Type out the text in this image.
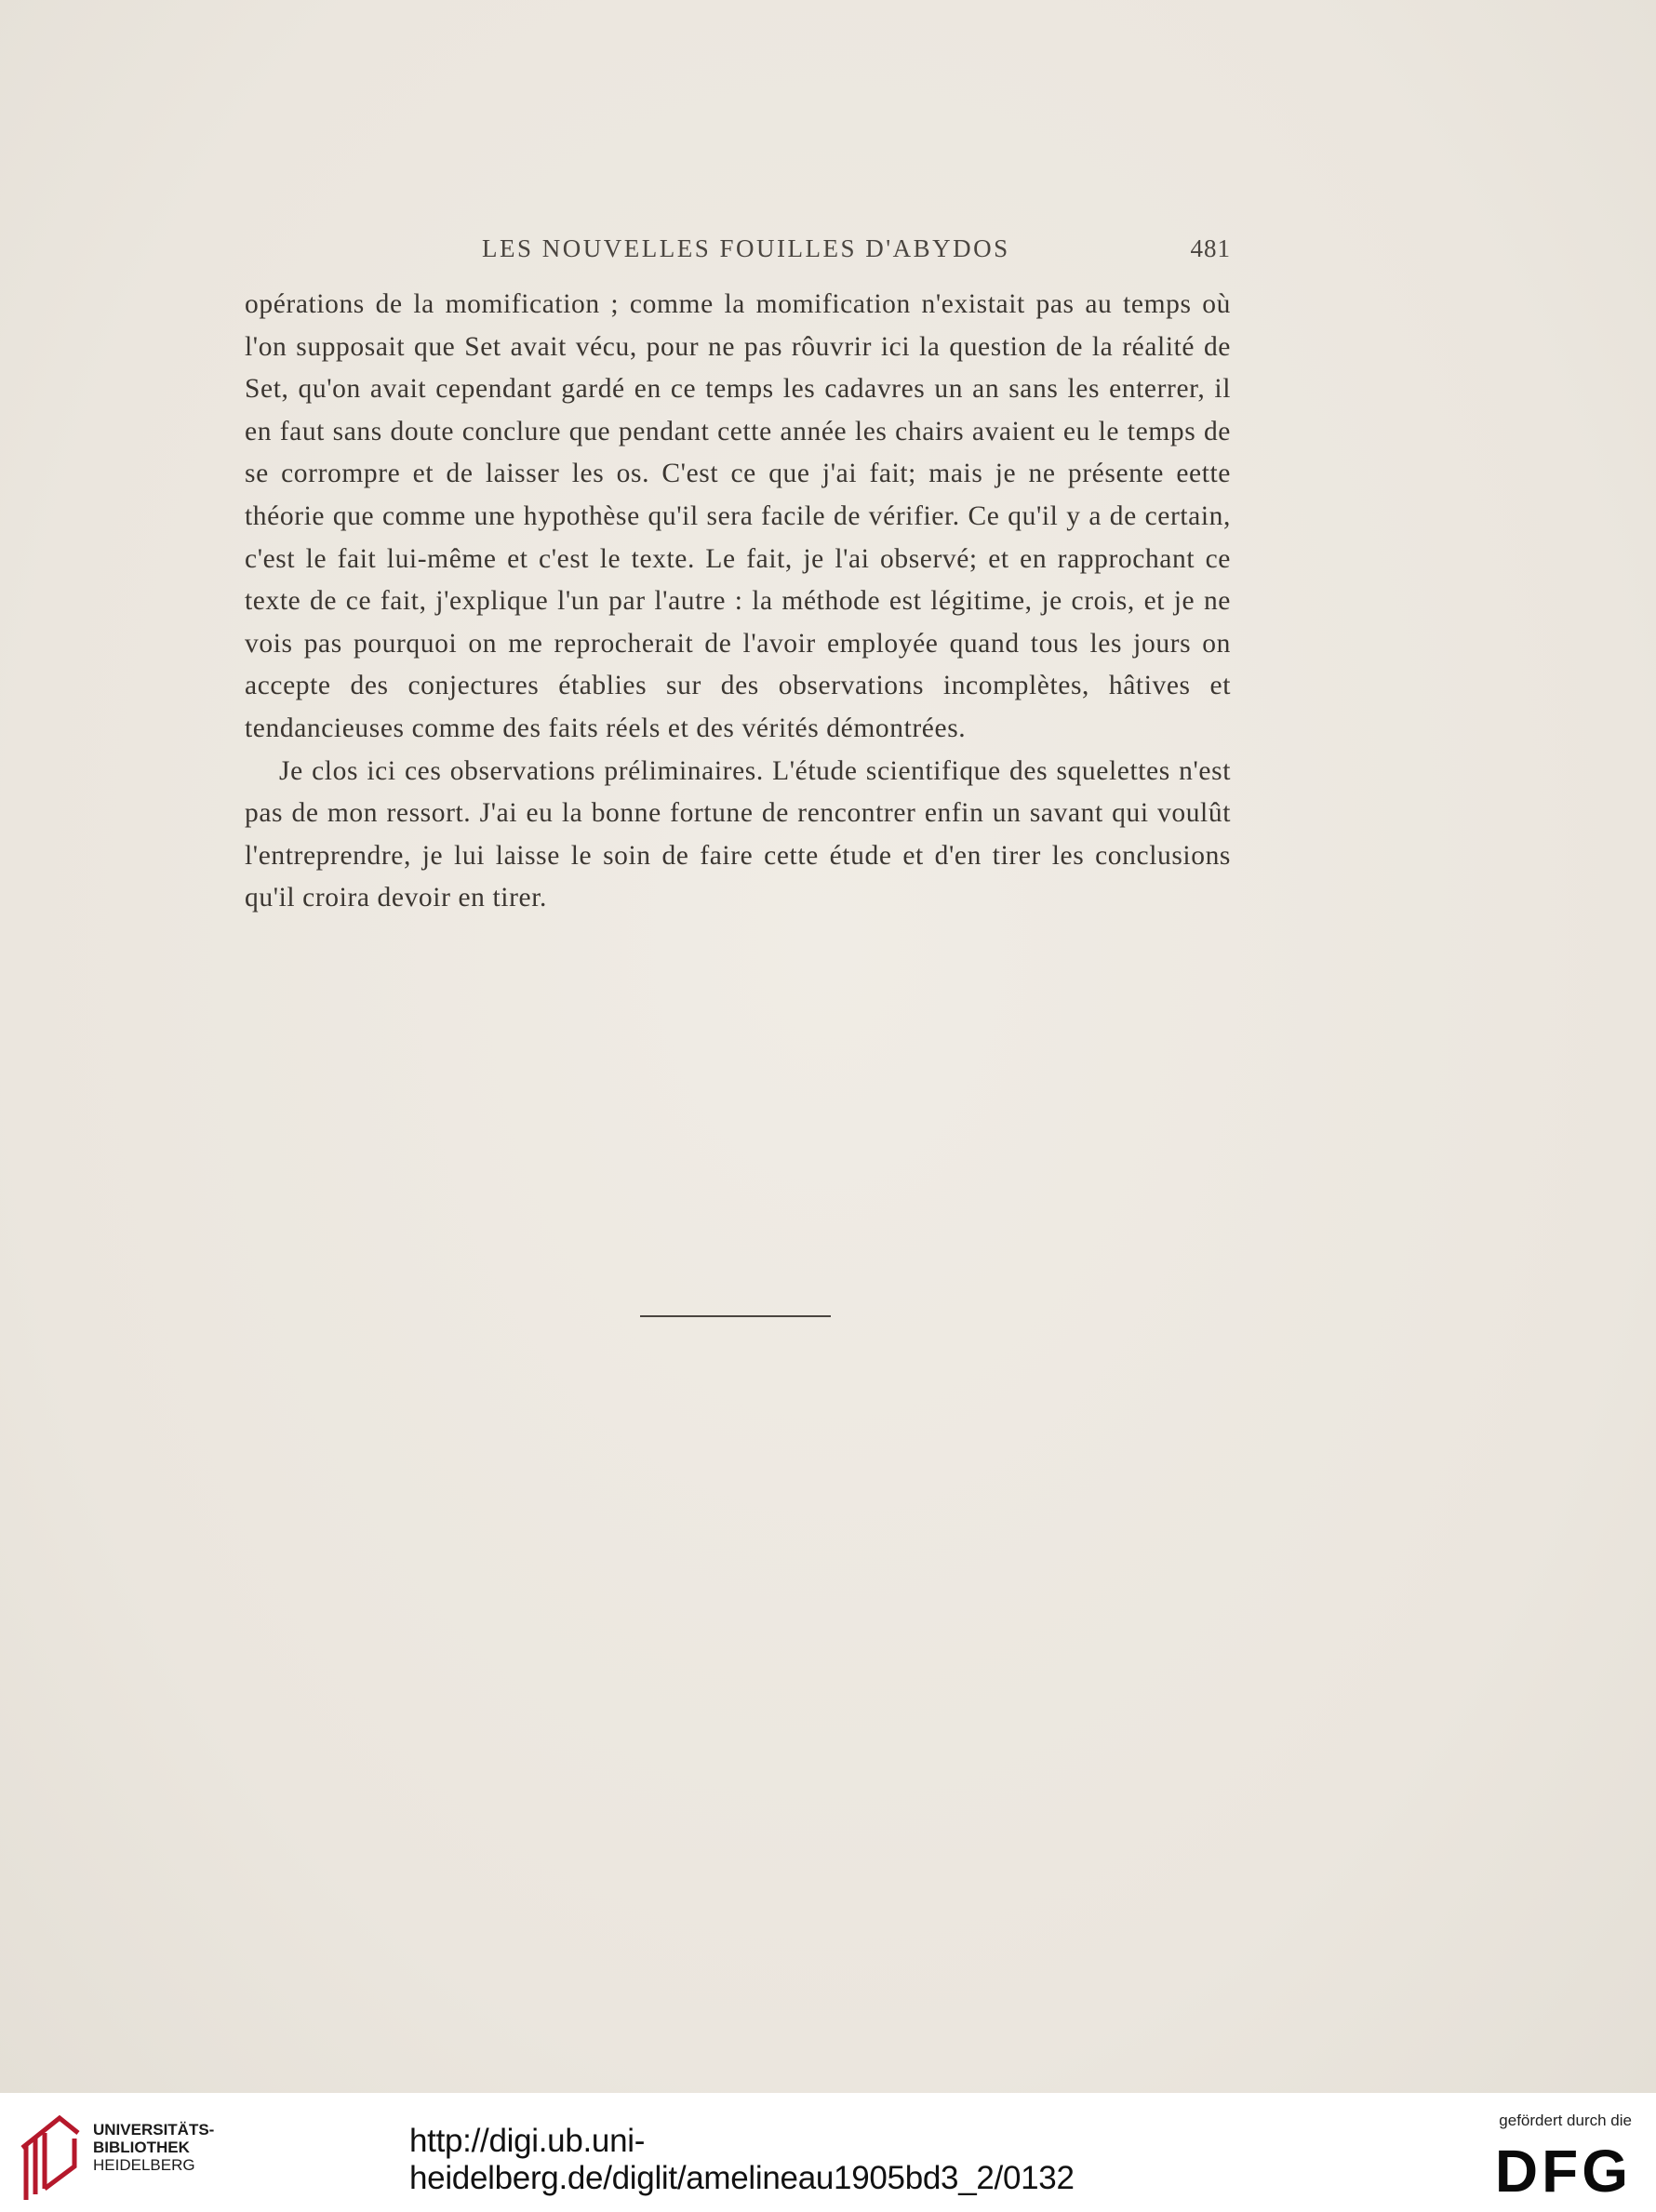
LES NOUVELLES FOUILLES D'ABYDOS	481

opérations de la momification ; comme la momification n'existait pas au temps où l'on supposait que Set avait vécu, pour ne pas rôuvrir ici la question de la réalité de Set, qu'on avait cependant gardé en ce temps les cadavres un an sans les enterrer, il en faut sans doute conclure que pendant cette année les chairs avaient eu le temps de se corrompre et de laisser les os. C'est ce que j'ai fait; mais je ne présente eette théorie que comme une hypothèse qu'il sera facile de vérifier. Ce qu'il y a de certain, c'est le fait lui-même et c'est le texte. Le fait, je l'ai observé; et en rapprochant ce texte de ce fait, j'explique l'un par l'autre : la méthode est légitime, je crois, et je ne vois pas pourquoi on me reprocherait de l'avoir employée quand tous les jours on accepte des conjectures établies sur des observations incomplètes, hâtives et tendancieuses comme des faits réels et des vérités démontrées.

Je clos ici ces observations préliminaires. L'étude scientifique des squelettes n'est pas de mon ressort. J'ai eu la bonne fortune de rencontrer enfin un savant qui voulût l'entreprendre, je lui laisse le soin de faire cette étude et d'en tirer les conclusions qu'il croira devoir en tirer.

UNIVERSITÄTS-
BIBLIOTHEK
HEIDELBERG
http://digi.ub.uni-heidelberg.de/diglit/amelineau1905bd3_2/0132
gefördert durch die
DFG
